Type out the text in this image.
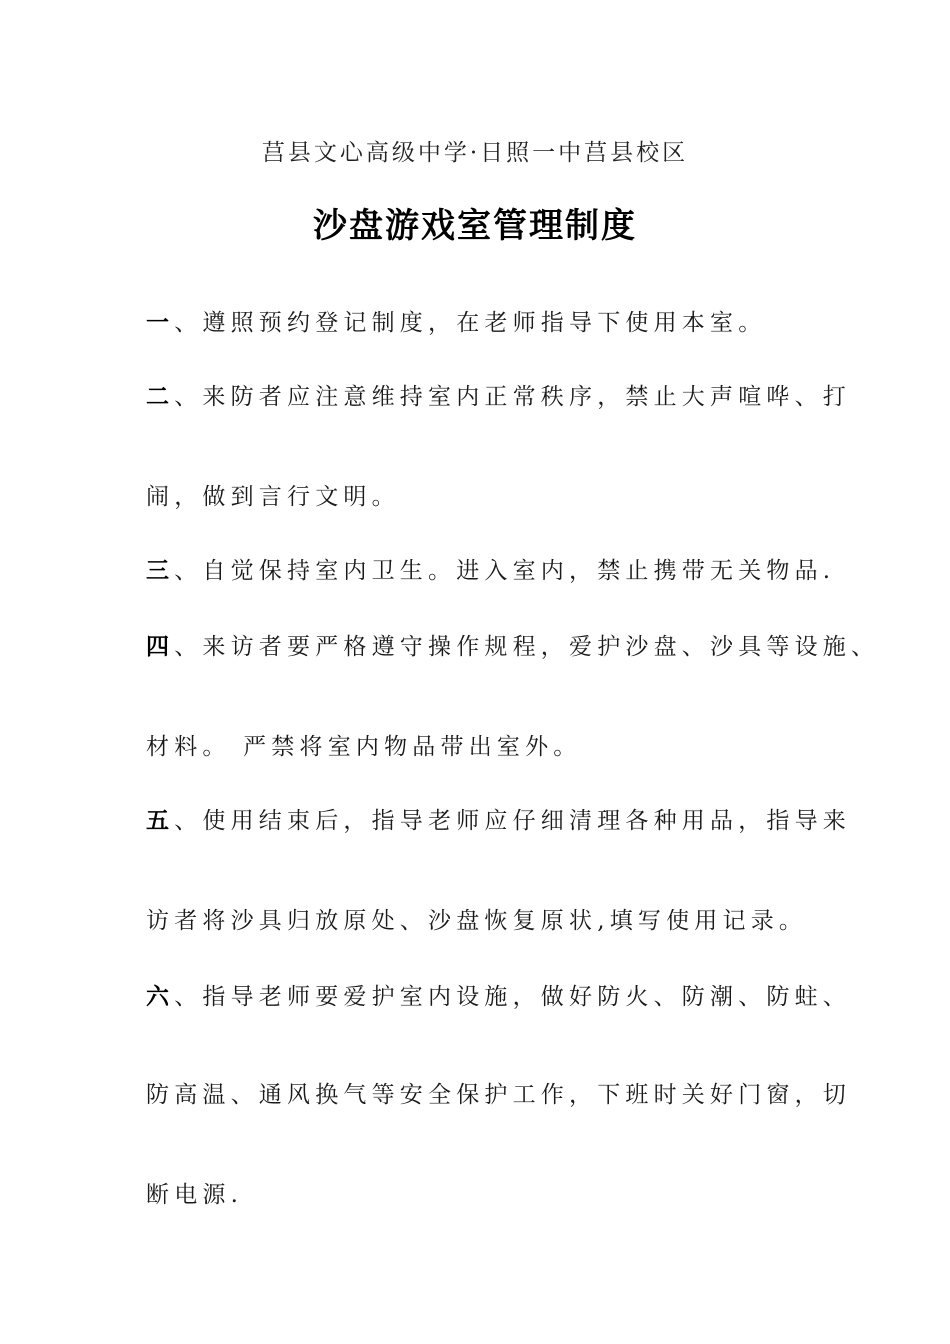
莒县文心高级中学·日照一中莒县校区
沙盘游戏室管理制度
一、遵照预约登记制度，在老师指导下使用本室。
二、来防者应注意维持室内正常秩序，禁止大声喧哗、打
闹，做到言行文明。
三、自觉保持室内卫生。进入室内，禁止携带无关物品.
四、来访者要严格遵守操作规程，爱护沙盘、沙具等设施、
材料。 严禁将室内物品带出室外。
五、使用结束后，指导老师应仔细清理各种用品，指导来
访者将沙具归放原处、沙盘恢复原状,填写使用记录。
六、指导老师要爱护室内设施，做好防火、防潮、防蛀、
防高温、通风换气等安全保护工作，下班时关好门窗，切
断电源.
